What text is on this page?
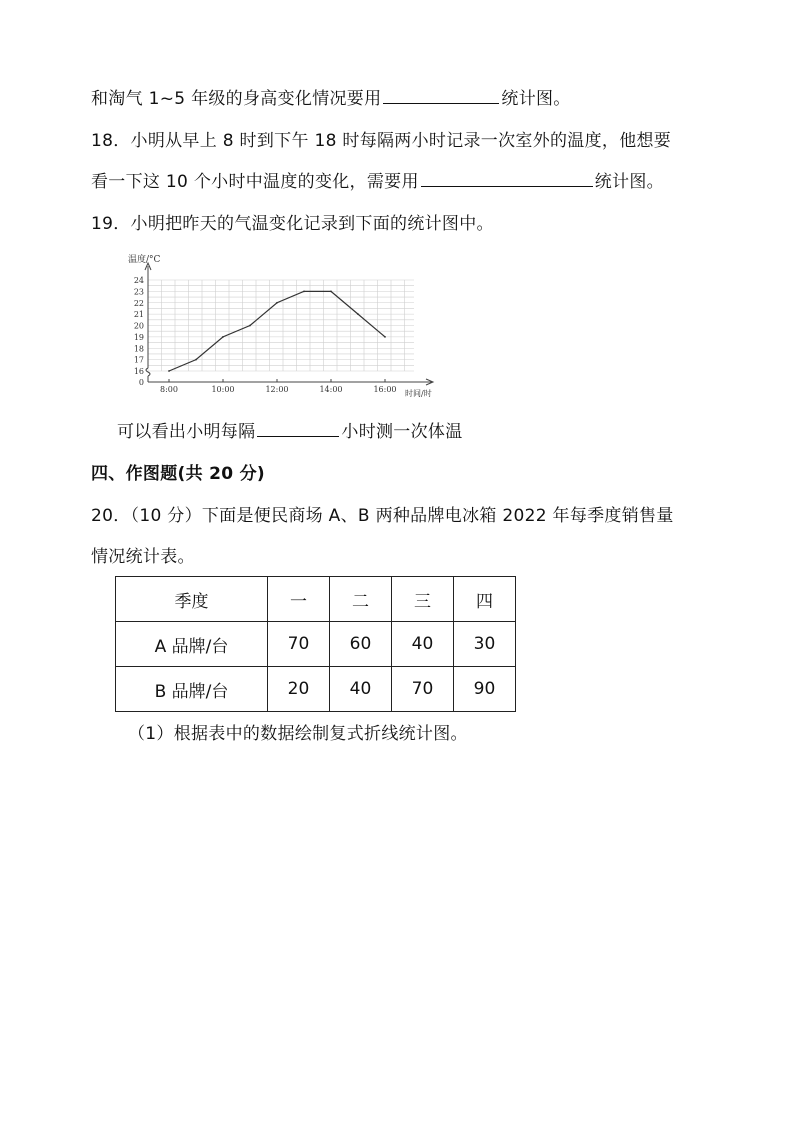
和淘气 1~5 年级的身高变化情况要用	统计图。
18．小明从早上 8 时到下午 18 时每隔两小时记录一次室外的温度，他想要
看一下这 10 个小时中温度的变化，需要用	统计图。
19．小明把昨天的气温变化记录到下面的统计图中。
0
16
17
18
19
20
21
22
23
24
8:00	10:00	12:00	14:00	16:00
温度/°C
时间/时
可以看出小明每隔	小时测一次体温
四、作图题(共 20 分)
20．（10 分）下面是便民商场 A、B 两种品牌电冰箱 2022 年每季度销售量
情况统计表。
季度	一	二	三	四
A 品牌/台	70	60	40	30
B 品牌/台	20	40	70	90
（1）根据表中的数据绘制复式折线统计图。
